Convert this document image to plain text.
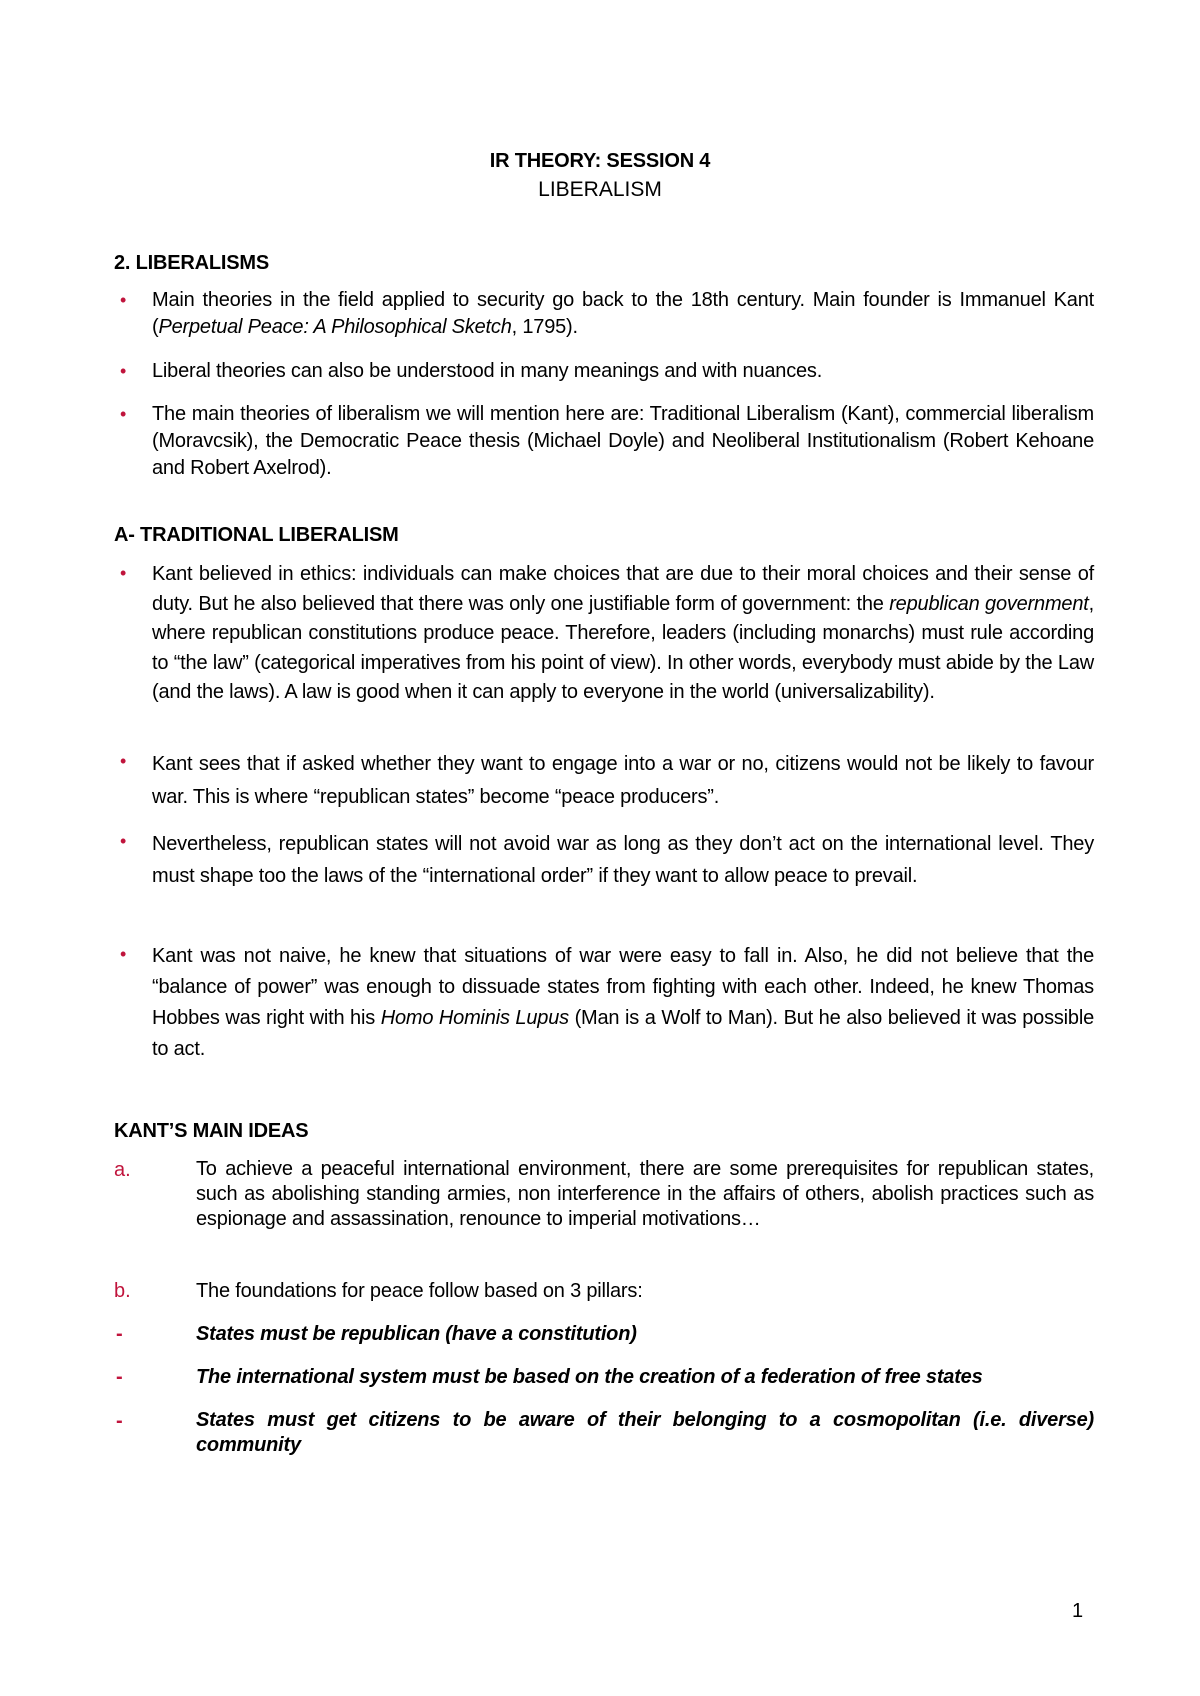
IR THEORY: SESSION 4
LIBERALISM
2. LIBERALISMS
• Main theories in the field applied to security go back to the 18th century. Main founder is Immanuel Kant (Perpetual Peace: A Philosophical Sketch, 1795).
• Liberal theories can also be understood in many meanings and with nuances.
• The main theories of liberalism we will mention here are: Traditional Liberalism (Kant), commercial liberalism (Moravcsik), the Democratic Peace thesis (Michael Doyle) and Neoliberal Institutionalism (Robert Kehoane and Robert Axelrod).
A- TRADITIONAL LIBERALISM
• Kant believed in ethics: individuals can make choices that are due to their moral choices and their sense of duty. But he also believed that there was only one justifiable form of government: the republican government, where republican constitutions produce peace. Therefore, leaders (including monarchs) must rule according to “the law” (categorical imperatives from his point of view). In other words, everybody must abide by the Law (and the laws). A law is good when it can apply to everyone in the world (universalizability).
• Kant sees that if asked whether they want to engage into a war or no, citizens would not be likely to favour war. This is where “republican states” become “peace producers”.
• Nevertheless, republican states will not avoid war as long as they don’t act on the international level. They must shape too the laws of the “international order” if they want to allow peace to prevail.
• Kant was not naive, he knew that situations of war were easy to fall in. Also, he did not believe that the “balance of power” was enough to dissuade states from fighting with each other. Indeed, he knew Thomas Hobbes was right with his Homo Hominis Lupus (Man is a Wolf to Man). But he also believed it was possible to act.
KANT’S MAIN IDEAS
a.	To achieve a peaceful international environment, there are some prerequisites for republican states, such as abolishing standing armies, non interference in the affairs of others, abolish practices such as espionage and assassination, renounce to imperial motivations…
b.	The foundations for peace follow based on 3 pillars:
-	States must be republican (have a constitution)
-	The international system must be based on the creation of a federation of free states
-	States must get citizens to be aware of their belonging to a cosmopolitan (i.e. diverse) community
1
